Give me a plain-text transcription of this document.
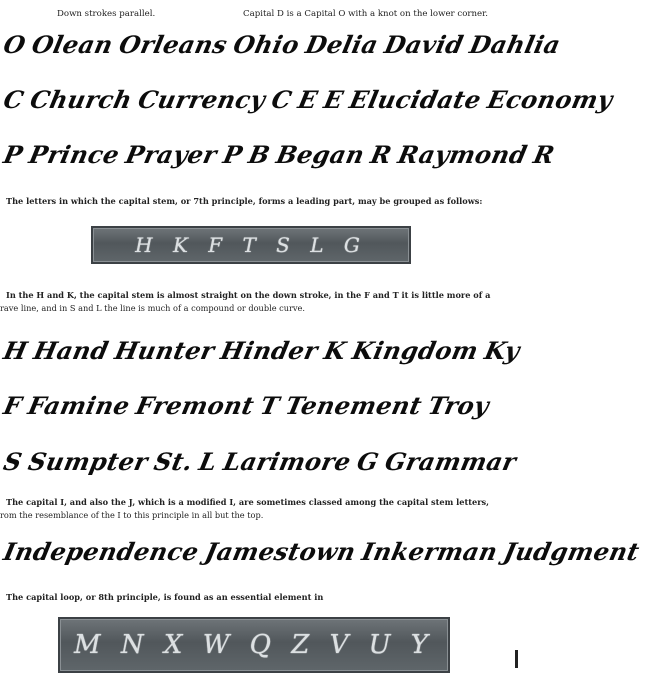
Down strokes parallel.	Capital D is a Capital O with a knot on the lower corner.
OOleanOrleansOhioDeliaDavidDahlia
CChurchCurrencyCEEElucidateEconomy
PPrincePrayerPBBeganRRaymondR
The letters in which the capital stem, or 7th principle, forms a leading part, may be grouped as follows:
H K F T S L G
In the H and K, the capital stem is almost straight on the down stroke, in the F and T it is little more of a
rave line, and in S and L the line is much of a compound or double curve.
HHandHunterHinderKKingdomKy
FFamineFremontTTenementTroy
SSumpterSt.LLarimoreGGrammar
The capital I, and also the J, which is a modified I, are sometimes classed among the capital stem letters,
rom the resemblance of the I to this principle in all but the top.
IndependenceJamestownInkermanJudgment
The capital loop, or 8th principle, is found as an essential element in
M N X W Q Z V U Y
